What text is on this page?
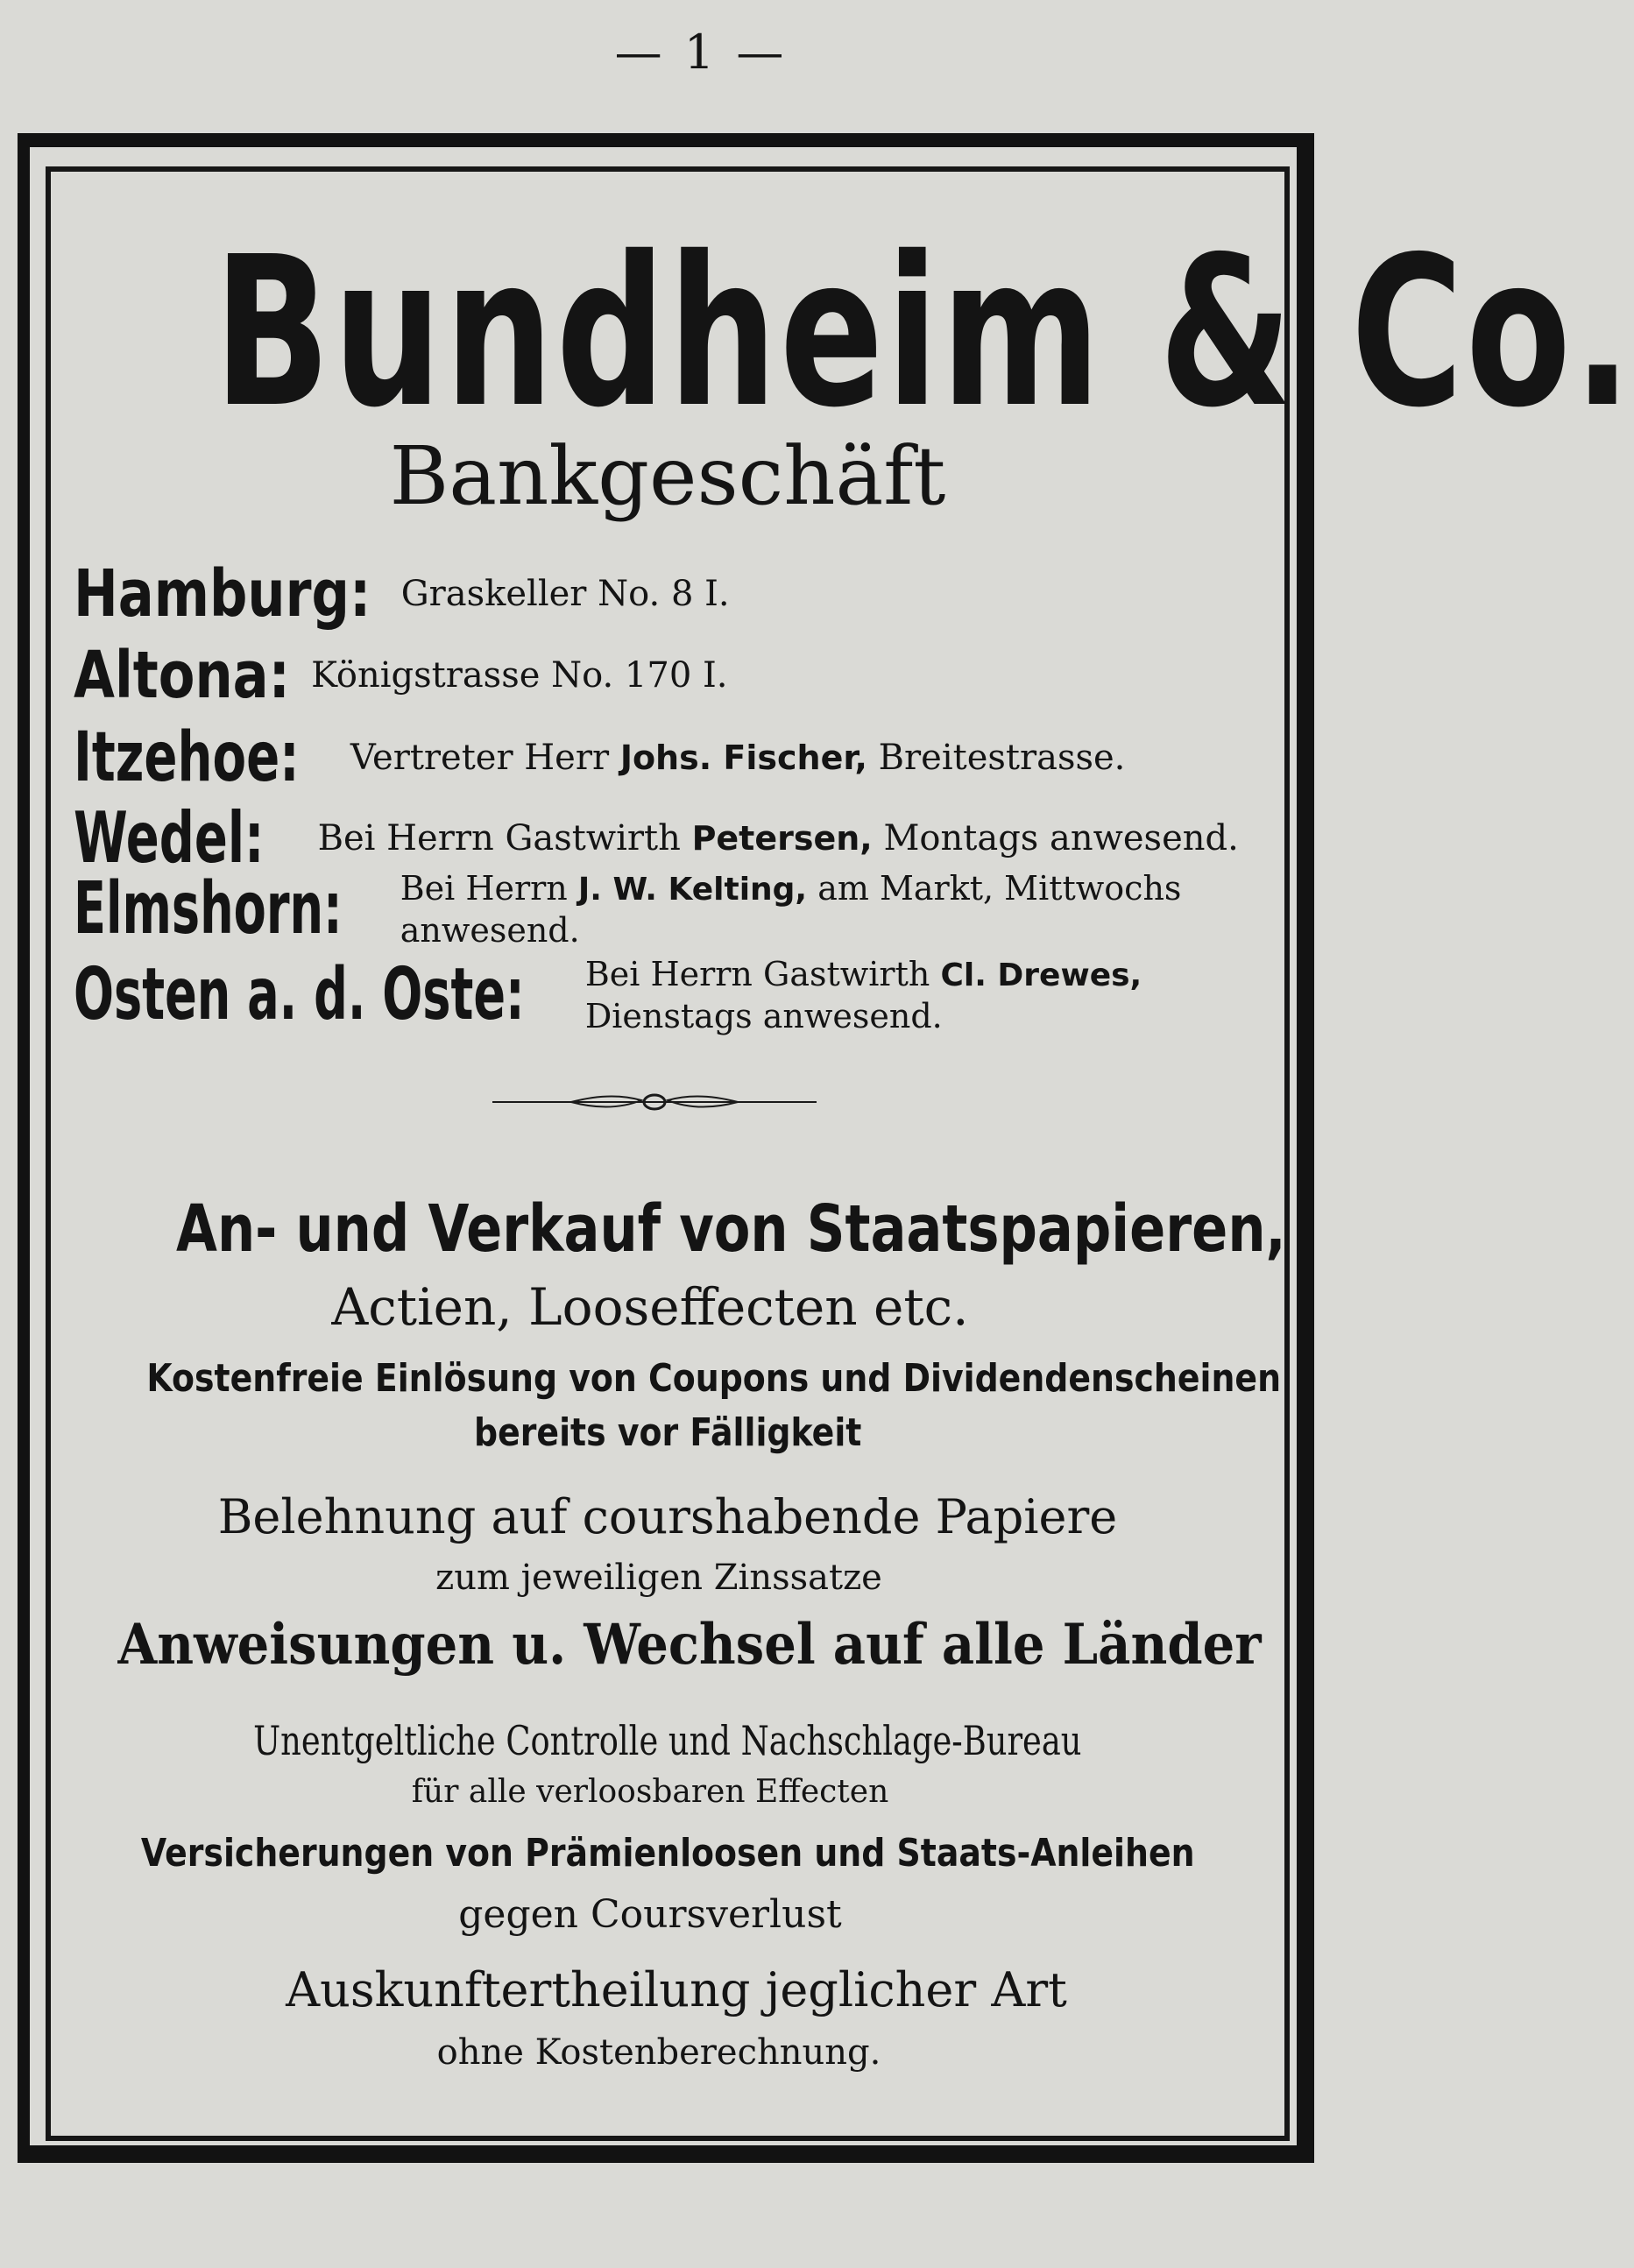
— 1 —
Bundheim & Co.
Bankgeschäft
Hamburg: Graskeller No. 8 I.
Altona: Königstrasse No. 170 I.
Itzehoe: Vertreter Herr Johs. Fischer, Breitestrasse.
Wedel: Bei Herrn Gastwirth Petersen, Montags anwesend.
Elmshorn: Bei Herrn J. W. Kelting, am Markt, Mittwochs
anwesend.
Osten a. d. Oste: Bei Herrn Gastwirth Cl. Drewes,
Dienstags anwesend.
An- und Verkauf von Staatspapieren,
Actien, Looseffecten etc.
Kostenfreie Einlösung von Coupons und Dividendenscheinen
bereits vor Fälligkeit
Belehnung auf courshabende Papiere
zum jeweiligen Zinssatze
Anweisungen u. Wechsel auf alle Länder
Unentgeltliche Controlle und Nachschlage-Bureau
für alle verloosbaren Effecten
Versicherungen von Prämienloosen und Staats-Anleihen
gegen Coursverlust
Auskunftertheilung jeglicher Art
ohne Kostenberechnung.
